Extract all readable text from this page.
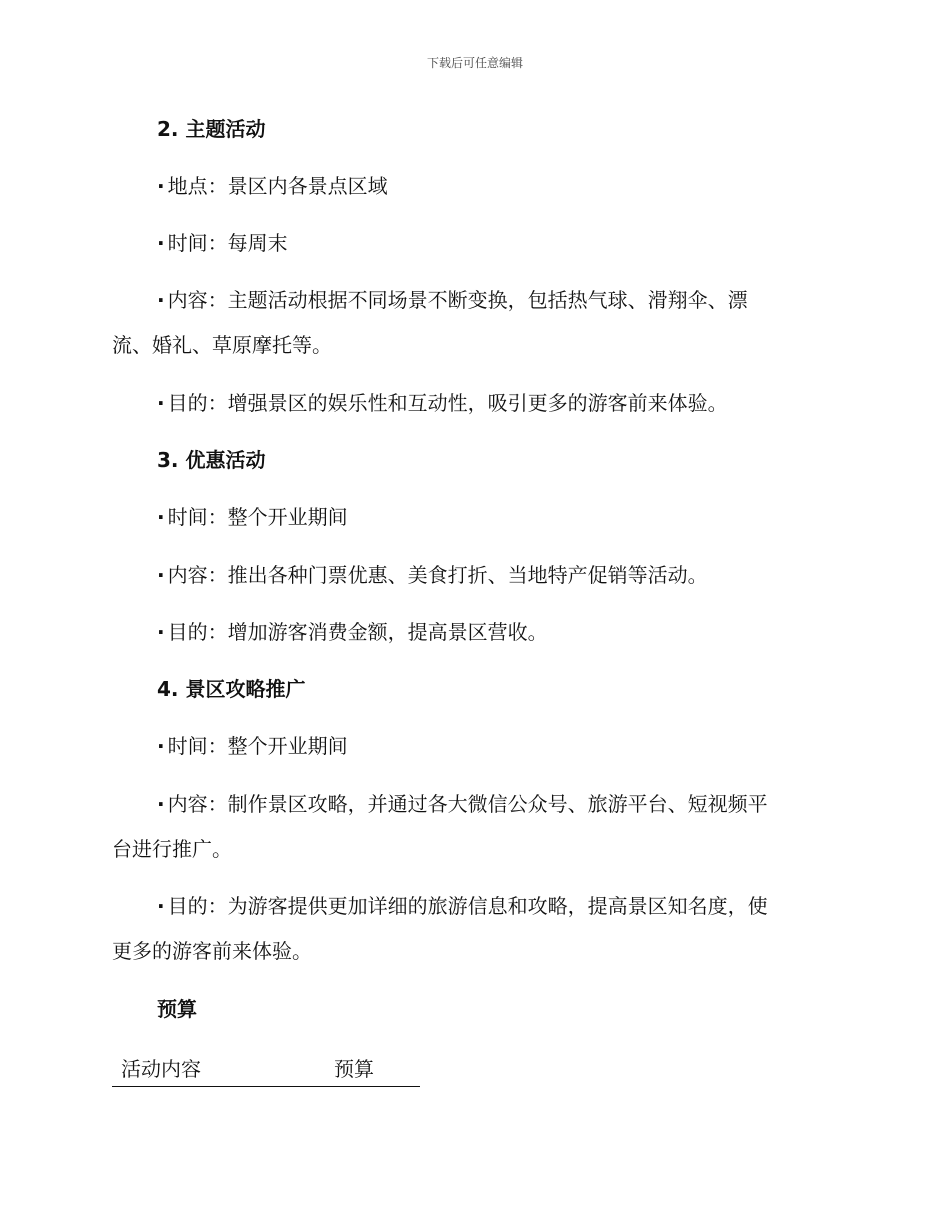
下载后可任意编辑
2. 主题活动
· 地点：景区内各景点区域
· 时间：每周末
· 内容：主题活动根据不同场景不断变换，包括热气球、滑翔伞、漂
流、婚礼、草原摩托等。
· 目的：增强景区的娱乐性和互动性，吸引更多的游客前来体验。
3. 优惠活动
· 时间：整个开业期间
· 内容：推出各种门票优惠、美食打折、当地特产促销等活动。
· 目的：增加游客消费金额，提高景区营收。
4. 景区攻略推广
· 时间：整个开业期间
· 内容：制作景区攻略，并通过各大微信公众号、旅游平台、短视频平
台进行推广。
· 目的：为游客提供更加详细的旅游信息和攻略，提高景区知名度，使
更多的游客前来体验。
预算
活动内容	预算
